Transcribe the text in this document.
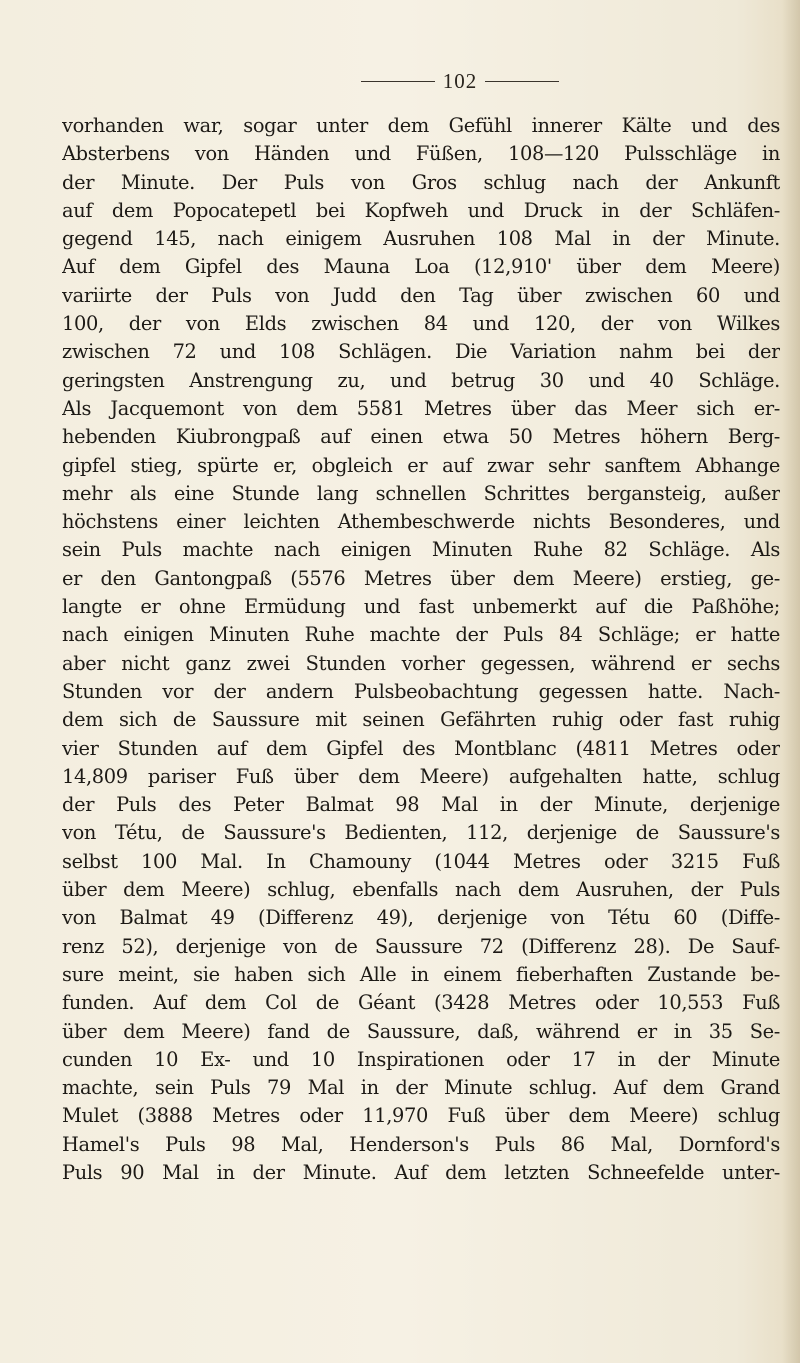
102
vorhanden war, sogar unter dem Gefühl innerer Kälte und des
Absterbens von Händen und Füßen, 108—120 Pulsschläge in
der Minute. Der Puls von Gros schlug nach der Ankunft
auf dem Popocatepetl bei Kopfweh und Druck in der Schläfen-
gegend 145, nach einigem Ausruhen 108 Mal in der Minute.
Auf dem Gipfel des Mauna Loa (12,910' über dem Meere)
variirte der Puls von Judd den Tag über zwischen 60 und
100, der von Elds zwischen 84 und 120, der von Wilkes
zwischen 72 und 108 Schlägen. Die Variation nahm bei der
geringsten Anstrengung zu, und betrug 30 und 40 Schläge.
Als Jacquemont von dem 5581 Metres über das Meer sich er-
hebenden Kiubrongpaß auf einen etwa 50 Metres höhern Berg-
gipfel stieg, spürte er, obgleich er auf zwar sehr sanftem Abhange
mehr als eine Stunde lang schnellen Schrittes bergansteig, außer
höchstens einer leichten Athembeschwerde nichts Besonderes, und
sein Puls machte nach einigen Minuten Ruhe 82 Schläge. Als
er den Gantongpaß (5576 Metres über dem Meere) erstieg, ge-
langte er ohne Ermüdung und fast unbemerkt auf die Paßhöhe;
nach einigen Minuten Ruhe machte der Puls 84 Schläge; er hatte
aber nicht ganz zwei Stunden vorher gegessen, während er sechs
Stunden vor der andern Pulsbeobachtung gegessen hatte. Nach-
dem sich de Saussure mit seinen Gefährten ruhig oder fast ruhig
vier Stunden auf dem Gipfel des Montblanc (4811 Metres oder
14,809 pariser Fuß über dem Meere) aufgehalten hatte, schlug
der Puls des Peter Balmat 98 Mal in der Minute, derjenige
von Tétu, de Saussure's Bedienten, 112, derjenige de Saussure's
selbst 100 Mal. In Chamouny (1044 Metres oder 3215 Fuß
über dem Meere) schlug, ebenfalls nach dem Ausruhen, der Puls
von Balmat 49 (Differenz 49), derjenige von Tétu 60 (Diffe-
renz 52), derjenige von de Saussure 72 (Differenz 28). De Sauf-
sure meint, sie haben sich Alle in einem fieberhaften Zustande be-
funden. Auf dem Col de Géant (3428 Metres oder 10,553 Fuß
über dem Meere) fand de Saussure, daß, während er in 35 Se-
cunden 10 Ex- und 10 Inspirationen oder 17 in der Minute
machte, sein Puls 79 Mal in der Minute schlug. Auf dem Grand
Mulet (3888 Metres oder 11,970 Fuß über dem Meere) schlug
Hamel's Puls 98 Mal, Henderson's Puls 86 Mal, Dornford's
Puls 90 Mal in der Minute. Auf dem letzten Schneefelde unter-
